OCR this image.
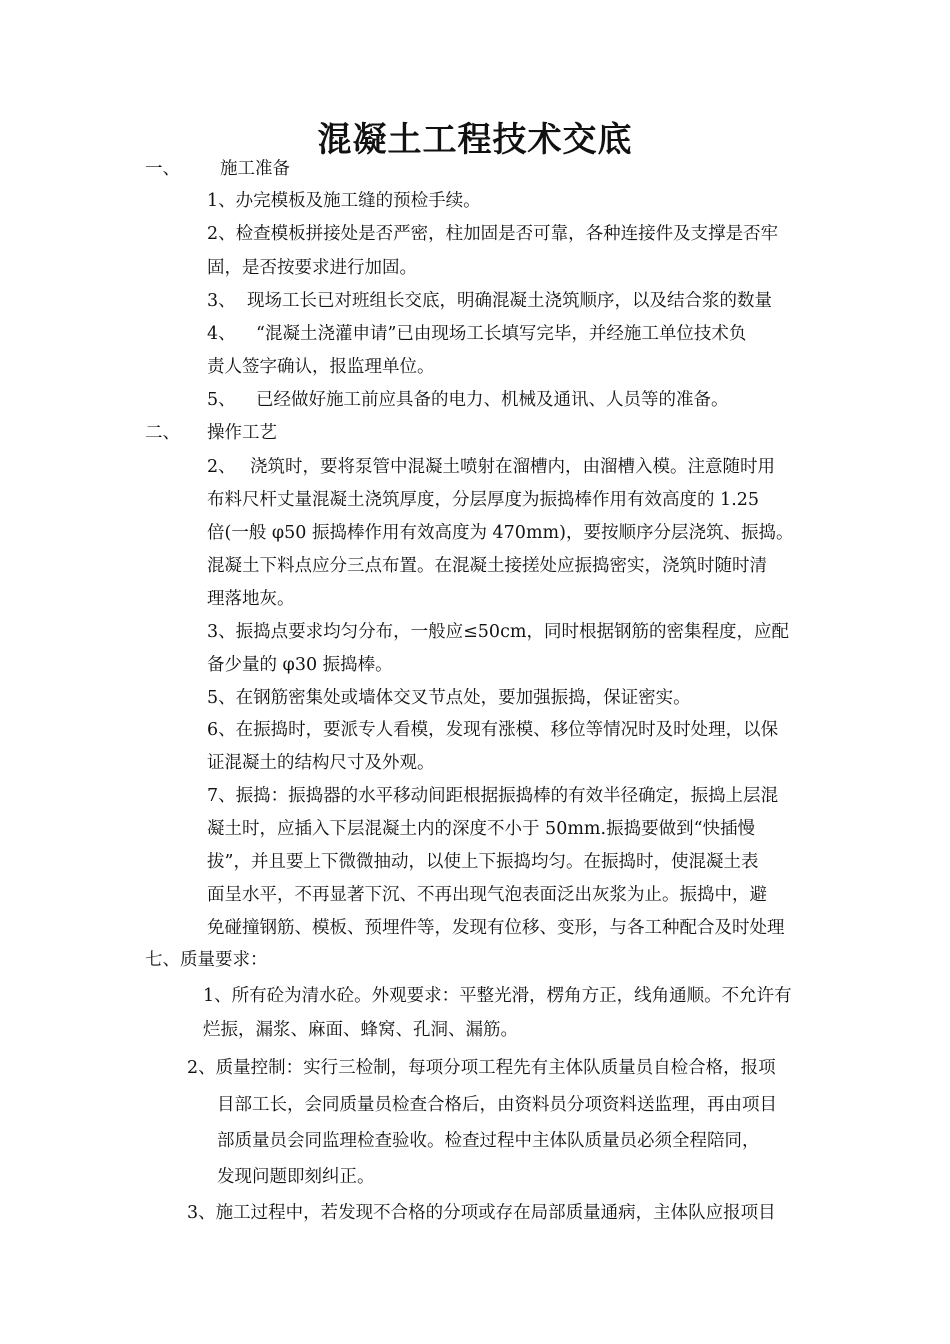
混凝土工程技术交底
一、 施工准备

1、办完模板及施工缝的预检手续。

2、检查模板拼接处是否严密，柱加固是否可靠，各种连接件及支撑是否牢

固，是否按要求进行加固。

3、 现场工长已对班组长交底，明确混凝土浇筑顺序，以及结合浆的数量
4、 “混凝土浇灌申请”已由现场工长填写完毕，并经施工单位技术负

责人签字确认，报监理单位。

5、 已经做好施工前应具备的电力、机械及通讯、人员等的准备。
二、 操作工艺
2、 浇筑时，要将泵管中混凝土喷射在溜槽内，由溜槽入模。注意随时用

布料尺杆丈量混凝土浇筑厚度，分层厚度为振捣棒作用有效高度的 1.25

倍(一般 φ50 振捣棒作用有效高度为 470mm)，要按顺序分层浇筑、振捣。

混凝土下料点应分三点布置。在混凝土接搓处应振捣密实，浇筑时随时清

理落地灰。

3、振捣点要求均匀分布，一般应≤50cm，同时根据钢筋的密集程度，应配

备少量的 φ30 振捣棒。

5、在钢筋密集处或墙体交叉节点处，要加强振捣，保证密实。

6、在振捣时，要派专人看模，发现有涨模、移位等情况时及时处理，以保

证混凝土的结构尺寸及外观。

7、振捣：振捣器的水平移动间距根据振捣棒的有效半径确定，振捣上层混

凝土时，应插入下层混凝土内的深度不小于 50mm.振捣要做到“快插慢

拔”，并且要上下微微抽动，以使上下振捣均匀。在振捣时，使混凝土表

面呈水平，不再显著下沉、不再出现气泡表面泛出灰浆为止。振捣中，避

免碰撞钢筋、模板、预埋件等，发现有位移、变形，与各工种配合及时处理

七、质量要求：

1、所有砼为清水砼。外观要求：平整光滑，楞角方正，线角通顺。不允许有

烂振，漏浆、麻面、蜂窝、孔洞、漏筋。

2、质量控制：实行三检制，每项分项工程先有主体队质量员自检合格，报项

目部工长，会同质量员检查合格后，由资料员分项资料送监理，再由项目

部质量员会同监理检查验收。检查过程中主体队质量员必须全程陪同，

发现问题即刻纠正。

3、施工过程中，若发现不合格的分项或存在局部质量通病，主体队应报项目
